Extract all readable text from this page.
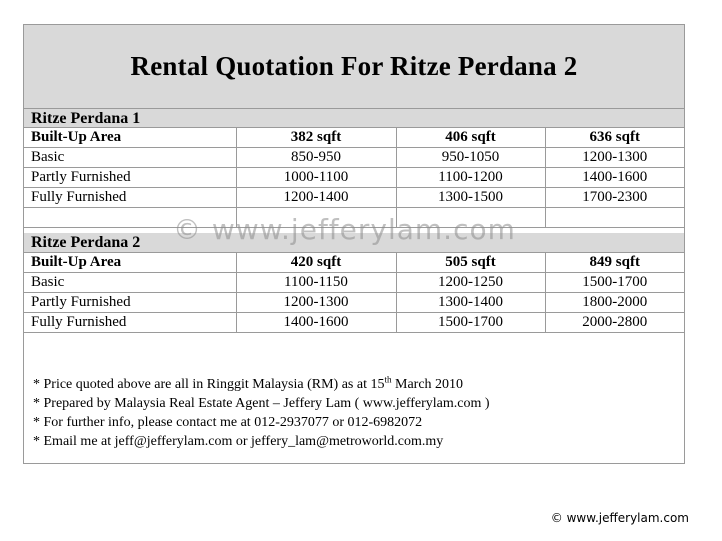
Rental Quotation For Ritze Perdana 2
Ritze Perdana 1
Built-Up Area	382 sqft	406 sqft	636 sqft
Basic	850-950	950-1050	1200-1300
Partly Furnished	1000-1100	1100-1200	1400-1600
Fully Furnished	1200-1400	1300-1500	1700-2300

Ritze Perdana 2
Built-Up Area	420 sqft	505 sqft	849 sqft
Basic	1100-1150	1200-1250	1500-1700
Partly Furnished	1200-1300	1300-1400	1800-2000
Fully Furnished	1400-1600	1500-1700	2000-2800

* Price quoted above are all in Ringgit Malaysia (RM) as at 15th March 2010

* Prepared by Malaysia Real Estate Agent – Jeffery Lam ( www.jefferylam.com )

* For further info, please contact me at 012-2937077 or 012-6982072

* Email me at jeff@jefferylam.com or jeffery_lam@metroworld.com.my

© www.jefferylam.com
© www.jefferylam.com
